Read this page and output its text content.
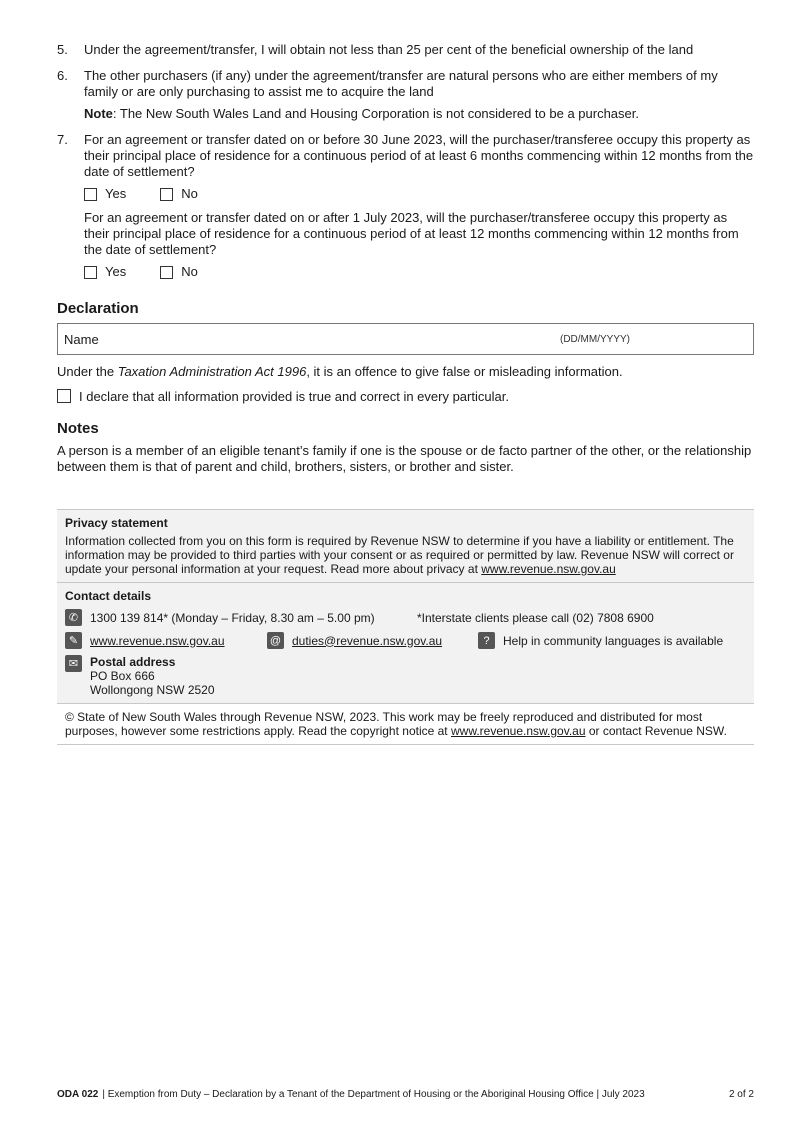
5.	Under the agreement/transfer, I will obtain not less than 25 per cent of the beneficial ownership of the land
6.	The other purchasers (if any) under the agreement/transfer are natural persons who are either members of my family or are only purchasing to assist me to acquire the land
Note: The New South Wales Land and Housing Corporation is not considered to be a purchaser.
7.	For an agreement or transfer dated on or before 30 June 2023, will the purchaser/transferee occupy this property as their principal place of residence for a continuous period of at least 6 months commencing within 12 months from the date of settlement?
Yes	No
For an agreement or transfer dated on or after 1 July 2023, will the purchaser/transferee occupy this property as their principal place of residence for a continuous period of at least 12 months commencing within 12 months from the date of settlement?
Yes	No
Declaration
Name	(DD/MM/YYYY)
Under the Taxation Administration Act 1996, it is an offence to give false or misleading information.
I declare that all information provided is true and correct in every particular.
Notes
A person is a member of an eligible tenant’s family if one is the spouse or de facto partner of the other, or the relationship between them is that of parent and child, brothers, sisters, or brother and sister.
Privacy statement
Information collected from you on this form is required by Revenue NSW to determine if you have a liability or entitlement. The information may be provided to third parties with your consent or as required or permitted by law. Revenue NSW will correct or update your personal information at your request. Read more about privacy at www.revenue.nsw.gov.au
Contact details
✆ 1300 139 814* (Monday – Friday, 8.30 am – 5.00 pm)	*Interstate clients please call (02) 7808 6900
✎ www.revenue.nsw.gov.au	@ duties@revenue.nsw.gov.au	?	Help in community languages is available
✉ Postal address
PO Box 666
Wollongong NSW 2520
© State of New South Wales through Revenue NSW, 2023. This work may be freely reproduced and distributed for most purposes, however some restrictions apply. Read the copyright notice at www.revenue.nsw.gov.au or contact Revenue NSW.
ODA 022 | Exemption from Duty – Declaration by a Tenant of the Department of Housing or the Aboriginal Housing Office | July 2023	2 of 2
